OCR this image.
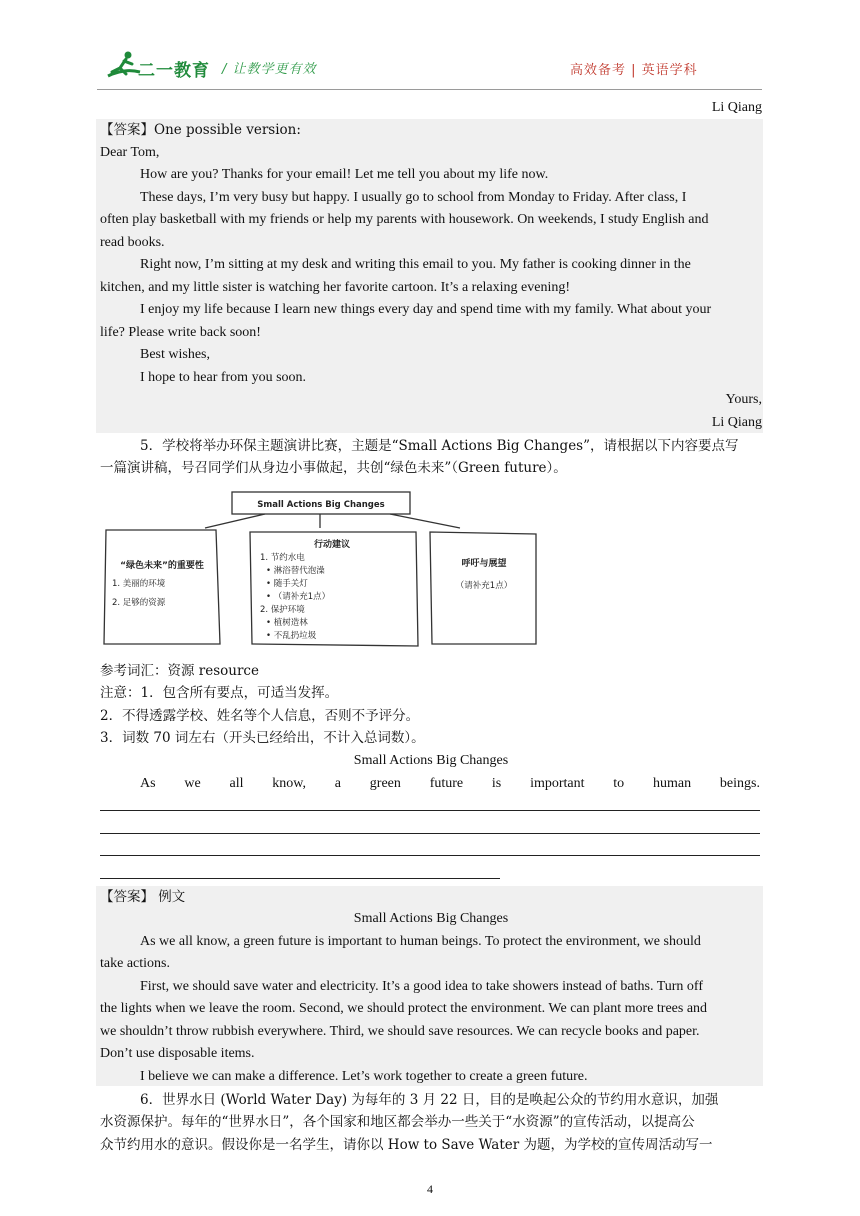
二一教育 / 让教学更有效	高效备考 | 英语学科
Li Qiang
【答案】One possible version:
Dear Tom,
How are you? Thanks for your email! Let me tell you about my life now.
These days, I’m very busy but happy. I usually go to school from Monday to Friday. After class, I
often play basketball with my friends or help my parents with housework. On weekends, I study English and
read books.
Right now, I’m sitting at my desk and writing this email to you. My father is cooking dinner in the
kitchen, and my little sister is watching her favorite cartoon. It’s a relaxing evening!
I enjoy my life because I learn new things every day and spend time with my family. What about your
life? Please write back soon!
Best wishes,
I hope to hear from you soon.
Yours,
Li Qiang
5．学校将举办环保主题演讲比赛，主题是“Small Actions Big Changes”，请根据以下内容要点写
一篇演讲稿，号召同学们从身边小事做起，共创“绿色未来”（Green future）。
Small Actions Big Changes
“绿色未来”的重要性
1. 美丽的环境
2. 足够的资源
行动建议
1. 节约水电
• 淋浴替代泡澡
• 随手关灯
• （请补充1点）
2. 保护环境
• 植树造林
• 不乱扔垃圾
呼吁与展望
（请补充1点）
参考词汇：资源 resource
注意：1．包含所有要点，可适当发挥。
2．不得透露学校、姓名等个人信息，否则不予评分。
3．词数 70 词左右（开头已经给出，不计入总词数）。
Small Actions Big Changes
As we all know, a green future is important to human beings.
【答案】 例文
Small Actions Big Changes
As we all know, a green future is important to human beings. To protect the environment, we should
take actions.
First, we should save water and electricity. It’s a good idea to take showers instead of baths. Turn off
the lights when we leave the room. Second, we should protect the environment. We can plant more trees and
we shouldn’t throw rubbish everywhere. Third, we should save resources. We can recycle books and paper.
Don’t use disposable items.
I believe we can make a difference. Let’s work together to create a green future.
6．世界水日 (World Water Day) 为每年的 3 月 22 日，目的是唤起公众的节约用水意识，加强
水资源保护。每年的“世界水日”，各个国家和地区都会举办一些关于“水资源”的宣传活动，以提高公
众节约用水的意识。假设你是一名学生，请你以 How to Save Water 为题，为学校的宣传周活动写一
4
